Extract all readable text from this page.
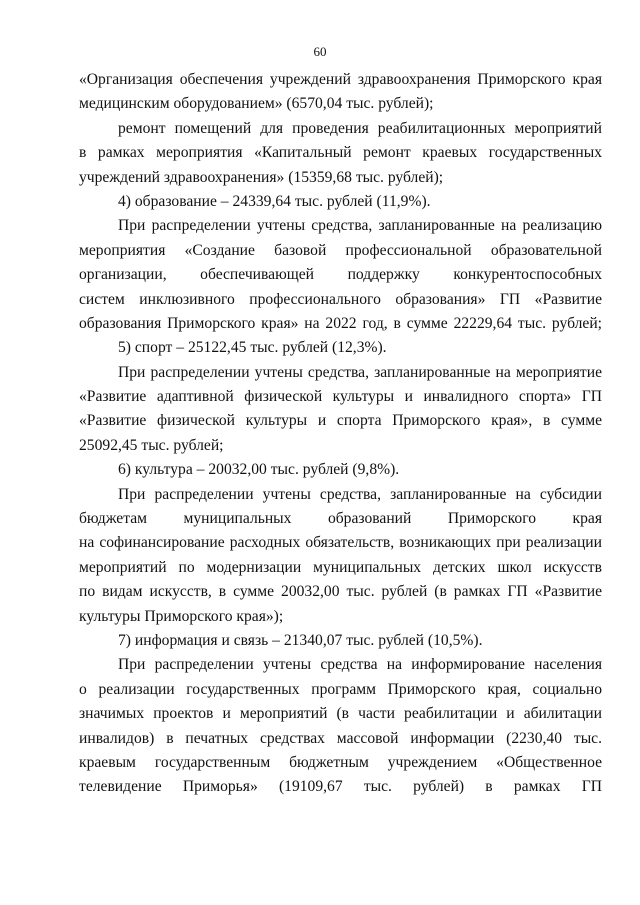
60
«Организация обеспечения учреждений здравоохранения Приморского края
медицинским оборудованием» (6570,04 тыс. рублей);
ремонт помещений для проведения реабилитационных мероприятий
в рамках мероприятия «Капитальный ремонт краевых государственных
учреждений здравоохранения» (15359,68 тыс. рублей);
4) образование – 24339,64 тыс. рублей (11,9%).
При распределении учтены средства, запланированные на реализацию
мероприятия «Создание базовой профессиональной образовательной
организации, обеспечивающей поддержку конкурентоспособных
систем инклюзивного профессионального образования» ГП «Развитие
образования Приморского края» на 2022 год, в сумме 22229,64 тыс. рублей;
5) спорт – 25122,45 тыс. рублей (12,3%).
При распределении учтены средства, запланированные на мероприятие
«Развитие адаптивной физической культуры и инвалидного спорта» ГП
«Развитие физической культуры и спорта Приморского края», в сумме
25092,45 тыс. рублей;
6) культура – 20032,00 тыс. рублей (9,8%).
При распределении учтены средства, запланированные на субсидии
бюджетам муниципальных образований Приморского края
на софинансирование расходных обязательств, возникающих при реализации
мероприятий по модернизации муниципальных детских школ искусств
по видам искусств, в сумме 20032,00 тыс. рублей (в рамках ГП «Развитие
культуры Приморского края»);
7) информация и связь – 21340,07 тыс. рублей (10,5%).
При распределении учтены средства на информирование населения
о реализации государственных программ Приморского края, социально
значимых проектов и мероприятий (в части реабилитации и абилитации
инвалидов) в печатных средствах массовой информации (2230,40 тыс.
краевым государственным бюджетным учреждением «Общественное
телевидение Приморья» (19109,67 тыс. рублей) в рамках ГП
